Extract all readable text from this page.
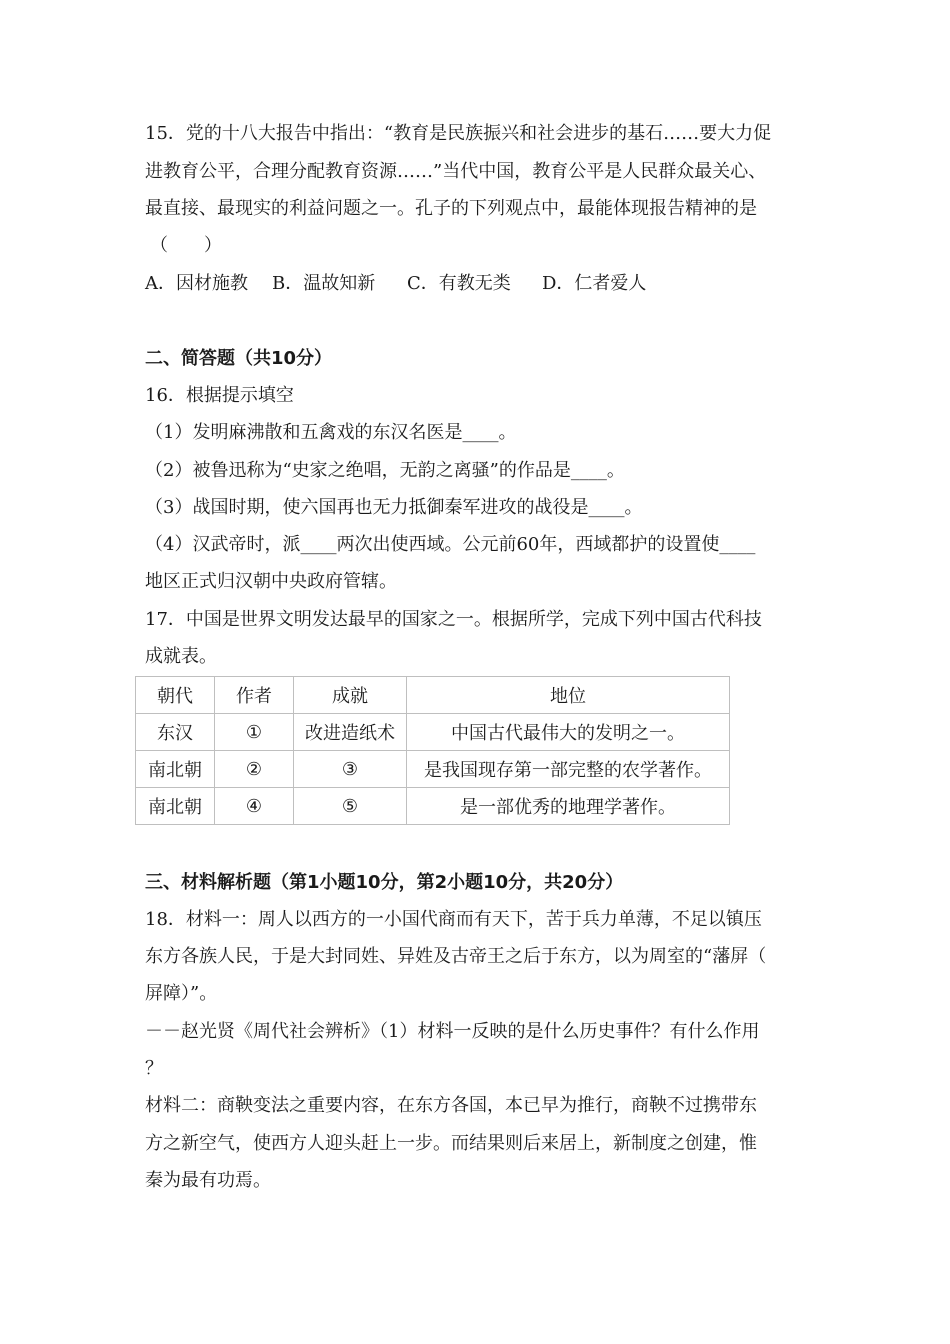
15．党的十八大报告中指出：“教育是民族振兴和社会进步的基石……要大力促
进教育公平，合理分配教育资源……”当代中国，教育公平是人民群众最关心、
最直接、最现实的利益问题之一。孔子的下列观点中，最能体现报告精神的是
（　　）
A．因材施教 B．温故知新 C．有教无类 D．仁者爱人
二、简答题（共10分）
16．根据提示填空
（1）发明麻沸散和五禽戏的东汉名医是____。
（2）被鲁迅称为“史家之绝唱，无韵之离骚”的作品是____。
（3）战国时期，使六国再也无力抵御秦军进攻的战役是____。
（4）汉武帝时，派____两次出使西域。公元前60年，西域都护的设置使____
地区正式归汉朝中央政府管辖。
17．中国是世界文明发达最早的国家之一。根据所学，完成下列中国古代科技
成就表。
朝代	作者	成就	地位
东汉	①	改进造纸术	中国古代最伟大的发明之一。
南北朝	②	③	是我国现存第一部完整的农学著作。
南北朝	④	⑤	是一部优秀的地理学著作。
三、材料解析题（第1小题10分，第2小题10分，共20分）
18．材料一：周人以西方的一小国代商而有天下，苦于兵力单薄，不足以镇压
东方各族人民，于是大封同姓、异姓及古帝王之后于东方，以为周室的“藩屏（
屏障）”。
－－赵光贤《周代社会辨析》（1）材料一反映的是什么历史事件？有什么作用
？
材料二：商鞅变法之重要内容，在东方各国，本已早为推行，商鞅不过携带东
方之新空气，使西方人迎头赶上一步。而结果则后来居上，新制度之创建，惟
秦为最有功焉。
